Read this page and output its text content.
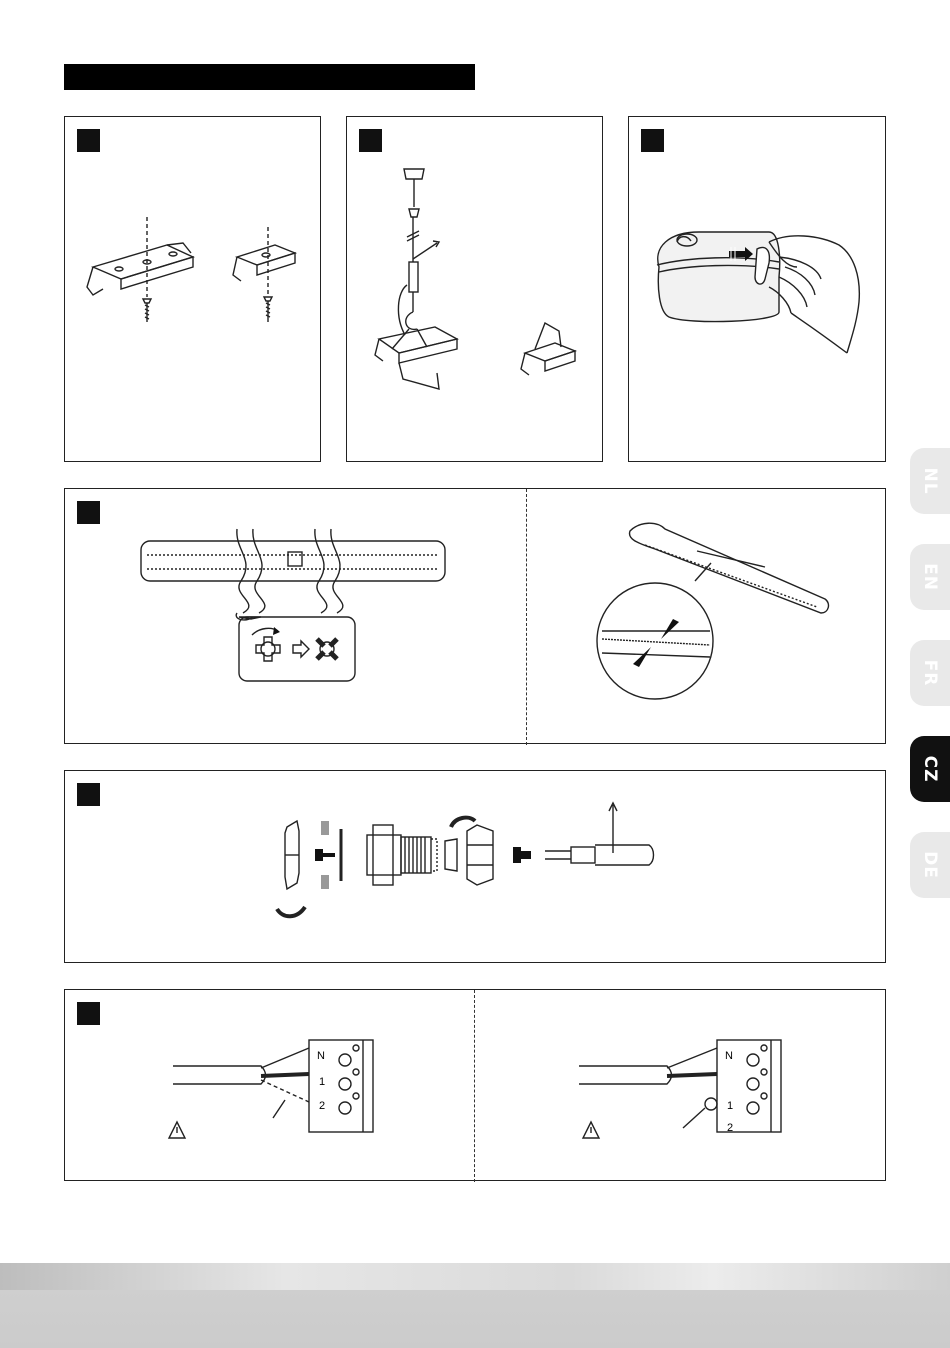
N
1
2
N
1
2
NL
EN
FR
CZ
DE
